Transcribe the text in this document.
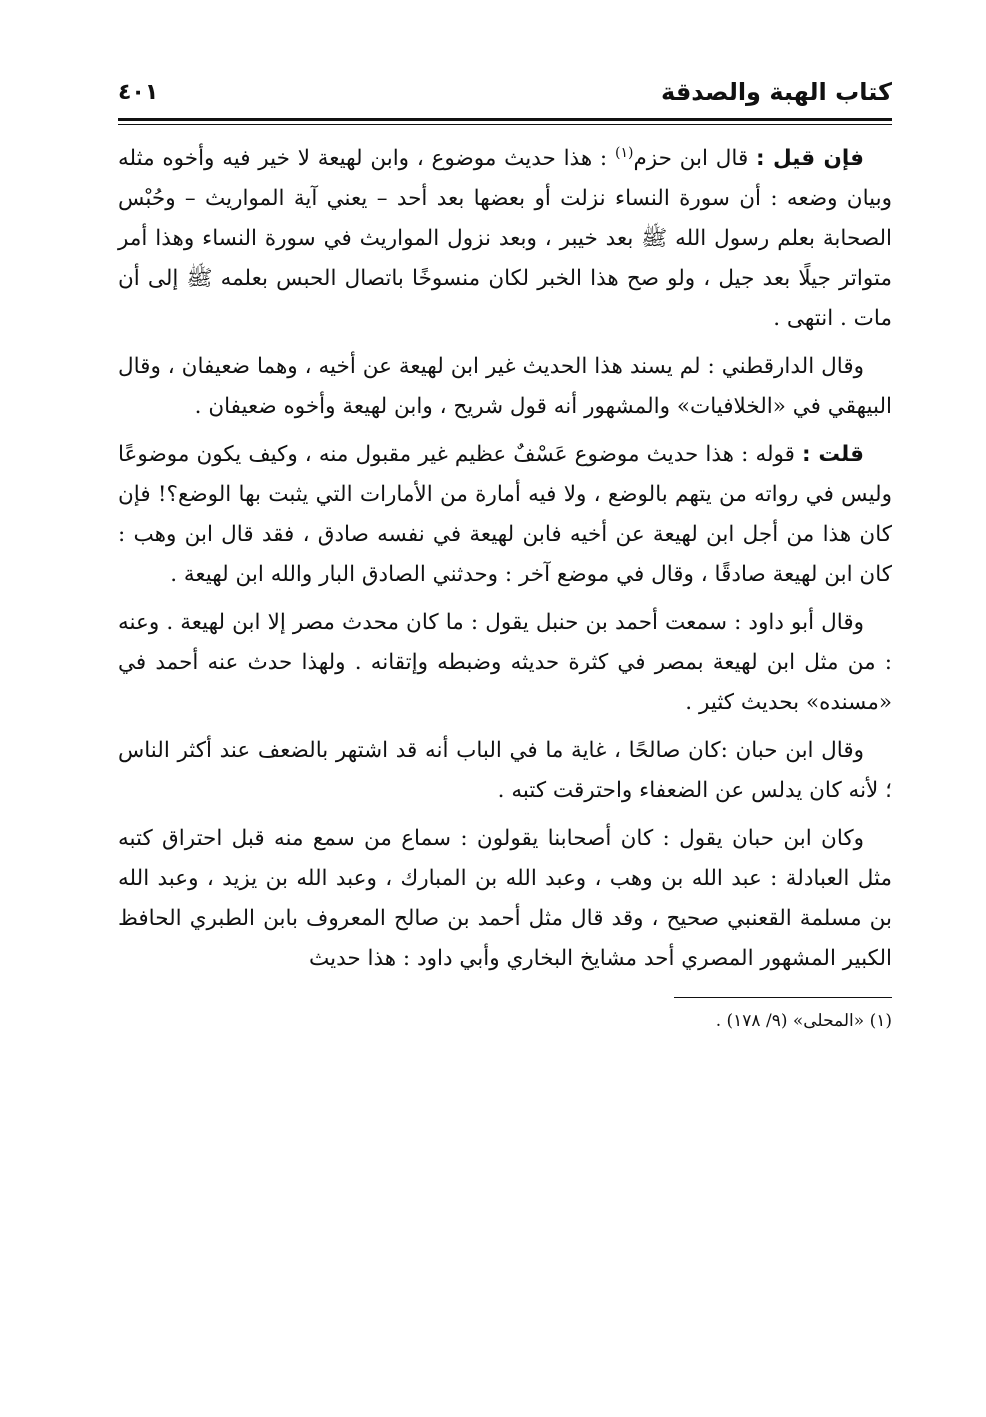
كتاب الهبة والصدقة
٤٠١

فإن قيل : قال ابن حزم$^{(١)}$ : هذا حديث موضوع ، وابن لهيعة لا خير فيه وأخوه مثله وبيان وضعه : أن سورة النساء نزلت أو بعضها بعد أحد – يعني آية المواريث – وحُبْس الصحابة بعلم رسول الله ﷺ بعد خيبر ، وبعد نزول المواريث في سورة النساء وهذا أمر متواتر جيلًا بعد جيل ، ولو صح هذا الخبر لكان منسوخًا باتصال الحبس بعلمه ﷺ إلى أن مات . انتهى .

وقال الدارقطني : لم يسند هذا الحديث غير ابن لهيعة عن أخيه ، وهما ضعيفان ، وقال البيهقي في «الخلافيات» والمشهور أنه قول شريح ، وابن لهيعة وأخوه ضعيفان .

قلت : قوله : هذا حديث موضوع عَسْفٌ عظيم غير مقبول منه ، وكيف يكون موضوعًا وليس في رواته من يتهم بالوضع ، ولا فيه أمارة من الأمارات التي يثبت بها الوضع؟! فإن كان هذا من أجل ابن لهيعة عن أخيه فابن لهيعة في نفسه صادق ، فقد قال ابن وهب : كان ابن لهيعة صادقًا ، وقال في موضع آخر : وحدثني الصادق البار والله ابن لهيعة .

وقال أبو داود : سمعت أحمد بن حنبل يقول : ما كان محدث مصر إلا ابن لهيعة . وعنه : من مثل ابن لهيعة بمصر في كثرة حديثه وضبطه وإتقانه . ولهذا حدث عنه أحمد في «مسنده» بحديث كثير .

وقال ابن حبان :كان صالحًا ، غاية ما في الباب أنه قد اشتهر بالضعف عند أكثر الناس ؛ لأنه كان يدلس عن الضعفاء واحترقت كتبه .

وكان ابن حبان يقول : كان أصحابنا يقولون : سماع من سمع منه قبل احتراق كتبه مثل العبادلة : عبد الله بن وهب ، وعبد الله بن المبارك ، وعبد الله بن يزيد ، وعبد الله بن مسلمة القعنبي صحيح ، وقد قال مثل أحمد بن صالح المعروف بابن الطبري الحافظ الكبير المشهور المصري أحد مشايخ البخاري وأبي داود : هذا حديث

(١) «المحلى» (٩/ ١٧٨) .
